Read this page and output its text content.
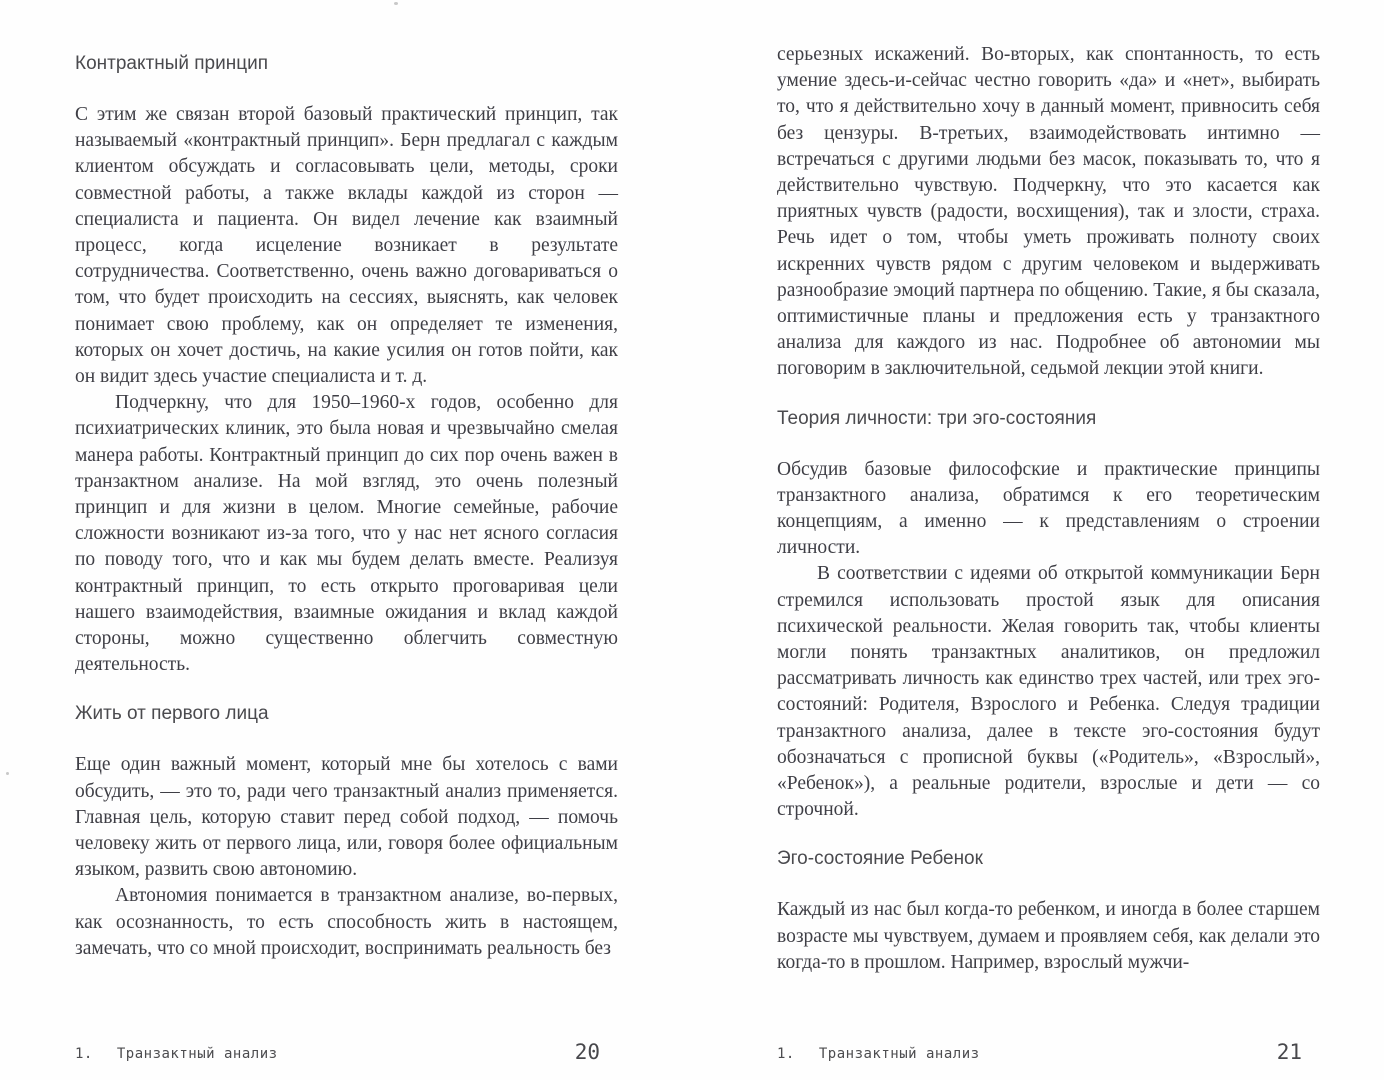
Контрактный принцип

С этим же связан второй базовый практический принцип, так называемый «контрактный принцип». Берн предлагал с каждым клиентом обсуждать и согласовывать цели, методы, сроки совместной работы, а также вклады каждой из сторон — специалиста и пациента. Он видел лечение как взаимный процесс, когда исцеление возникает в результате сотрудничества. Соответственно, очень важно договариваться о том, что будет происходить на сессиях, выяснять, как человек понимает свою проблему, как он определяет те изменения, которых он хочет достичь, на какие усилия он готов пойти, как он видит здесь участие специалиста и т. д.

Подчеркну, что для 1950–1960-х годов, особенно для психиатрических клиник, это была новая и чрезвычайно смелая манера работы. Контрактный принцип до сих пор очень важен в транзактном анализе. На мой взгляд, это очень полезный принцип и для жизни в целом. Многие семейные, рабочие сложности возникают из-за того, что у нас нет ясного согласия по поводу того, что и как мы будем делать вместе. Реализуя контрактный принцип, то есть открыто проговаривая цели нашего взаимодействия, взаимные ожидания и вклад каждой стороны, можно существенно облегчить совместную деятельность.

Жить от первого лица

Еще один важный момент, который мне бы хотелось с вами обсудить, — это то, ради чего транзактный анализ применяется. Главная цель, которую ставит перед собой подход, — помочь человеку жить от первого лица, или, говоря более официальным языком, развить свою автономию.

Автономия понимается в транзактном анализе, во-первых, как осознанность, то есть способность жить в настоящем, замечать, что со мной происходит, воспринимать реальность без

1. Транзактный анализ	20

серьезных искажений. Во-вторых, как спонтанность, то есть умение здесь-и-сейчас честно говорить «да» и «нет», выбирать то, что я действительно хочу в данный момент, привносить себя без цензуры. В-третьих, взаимодействовать интимно — встречаться с другими людьми без масок, показывать то, что я действительно чувствую. Подчеркну, что это касается как приятных чувств (радости, восхищения), так и злости, страха. Речь идет о том, чтобы уметь проживать полноту своих искренних чувств рядом с другим человеком и выдерживать разнообразие эмоций партнера по общению. Такие, я бы сказала, оптимистичные планы и предложения есть у транзактного анализа для каждого из нас. Подробнее об автономии мы поговорим в заключительной, седьмой лекции этой книги.

Теория личности: три эго-состояния

Обсудив базовые философские и практические принципы транзактного анализа, обратимся к его теоретическим концепциям, а именно — к представлениям о строении личности.

В соответствии с идеями об открытой коммуникации Берн стремился использовать простой язык для описания психической реальности. Желая говорить так, чтобы клиенты могли понять транзактных аналитиков, он предложил рассматривать личность как единство трех частей, или трех эго-состояний: Родителя, Взрослого и Ребенка. Следуя традиции транзактного анализа, далее в тексте эго-состояния будут обозначаться с прописной буквы («Родитель», «Взрослый», «Ребенок»), а реальные родители, взрослые и дети — со строчной.

Эго-состояние Ребенок

Каждый из нас был когда-то ребенком, и иногда в более старшем возрасте мы чувствуем, думаем и проявляем себя, как делали это когда-то в прошлом. Например, взрослый мужчи-

1. Транзактный анализ	21
